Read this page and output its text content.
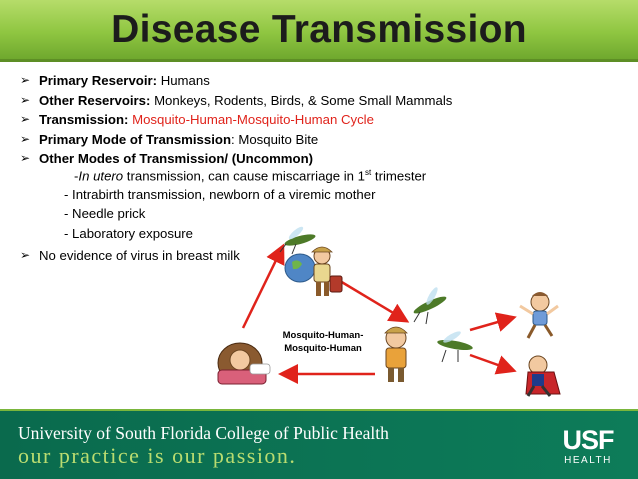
Disease Transmission
➢ Primary Reservoir: Humans
➢ Other Reservoirs: Monkeys, Rodents, Birds, & Some Small Mammals
➢ Transmission: Mosquito-Human-Mosquito-Human Cycle
➢ Primary Mode of Transmission: Mosquito Bite
➢ Other Modes of Transmission/ (Uncommon)
-In utero transmission, can cause miscarriage in 1st trimester
- Intrabirth transmission, newborn of a viremic mother
- Needle prick
- Laboratory exposure
➢ No evidence of virus in breast milk
Mosquito-Human-
Mosquito-Human
University of South Florida College of Public Health
our practice is our passion.
USF
HEALTH
